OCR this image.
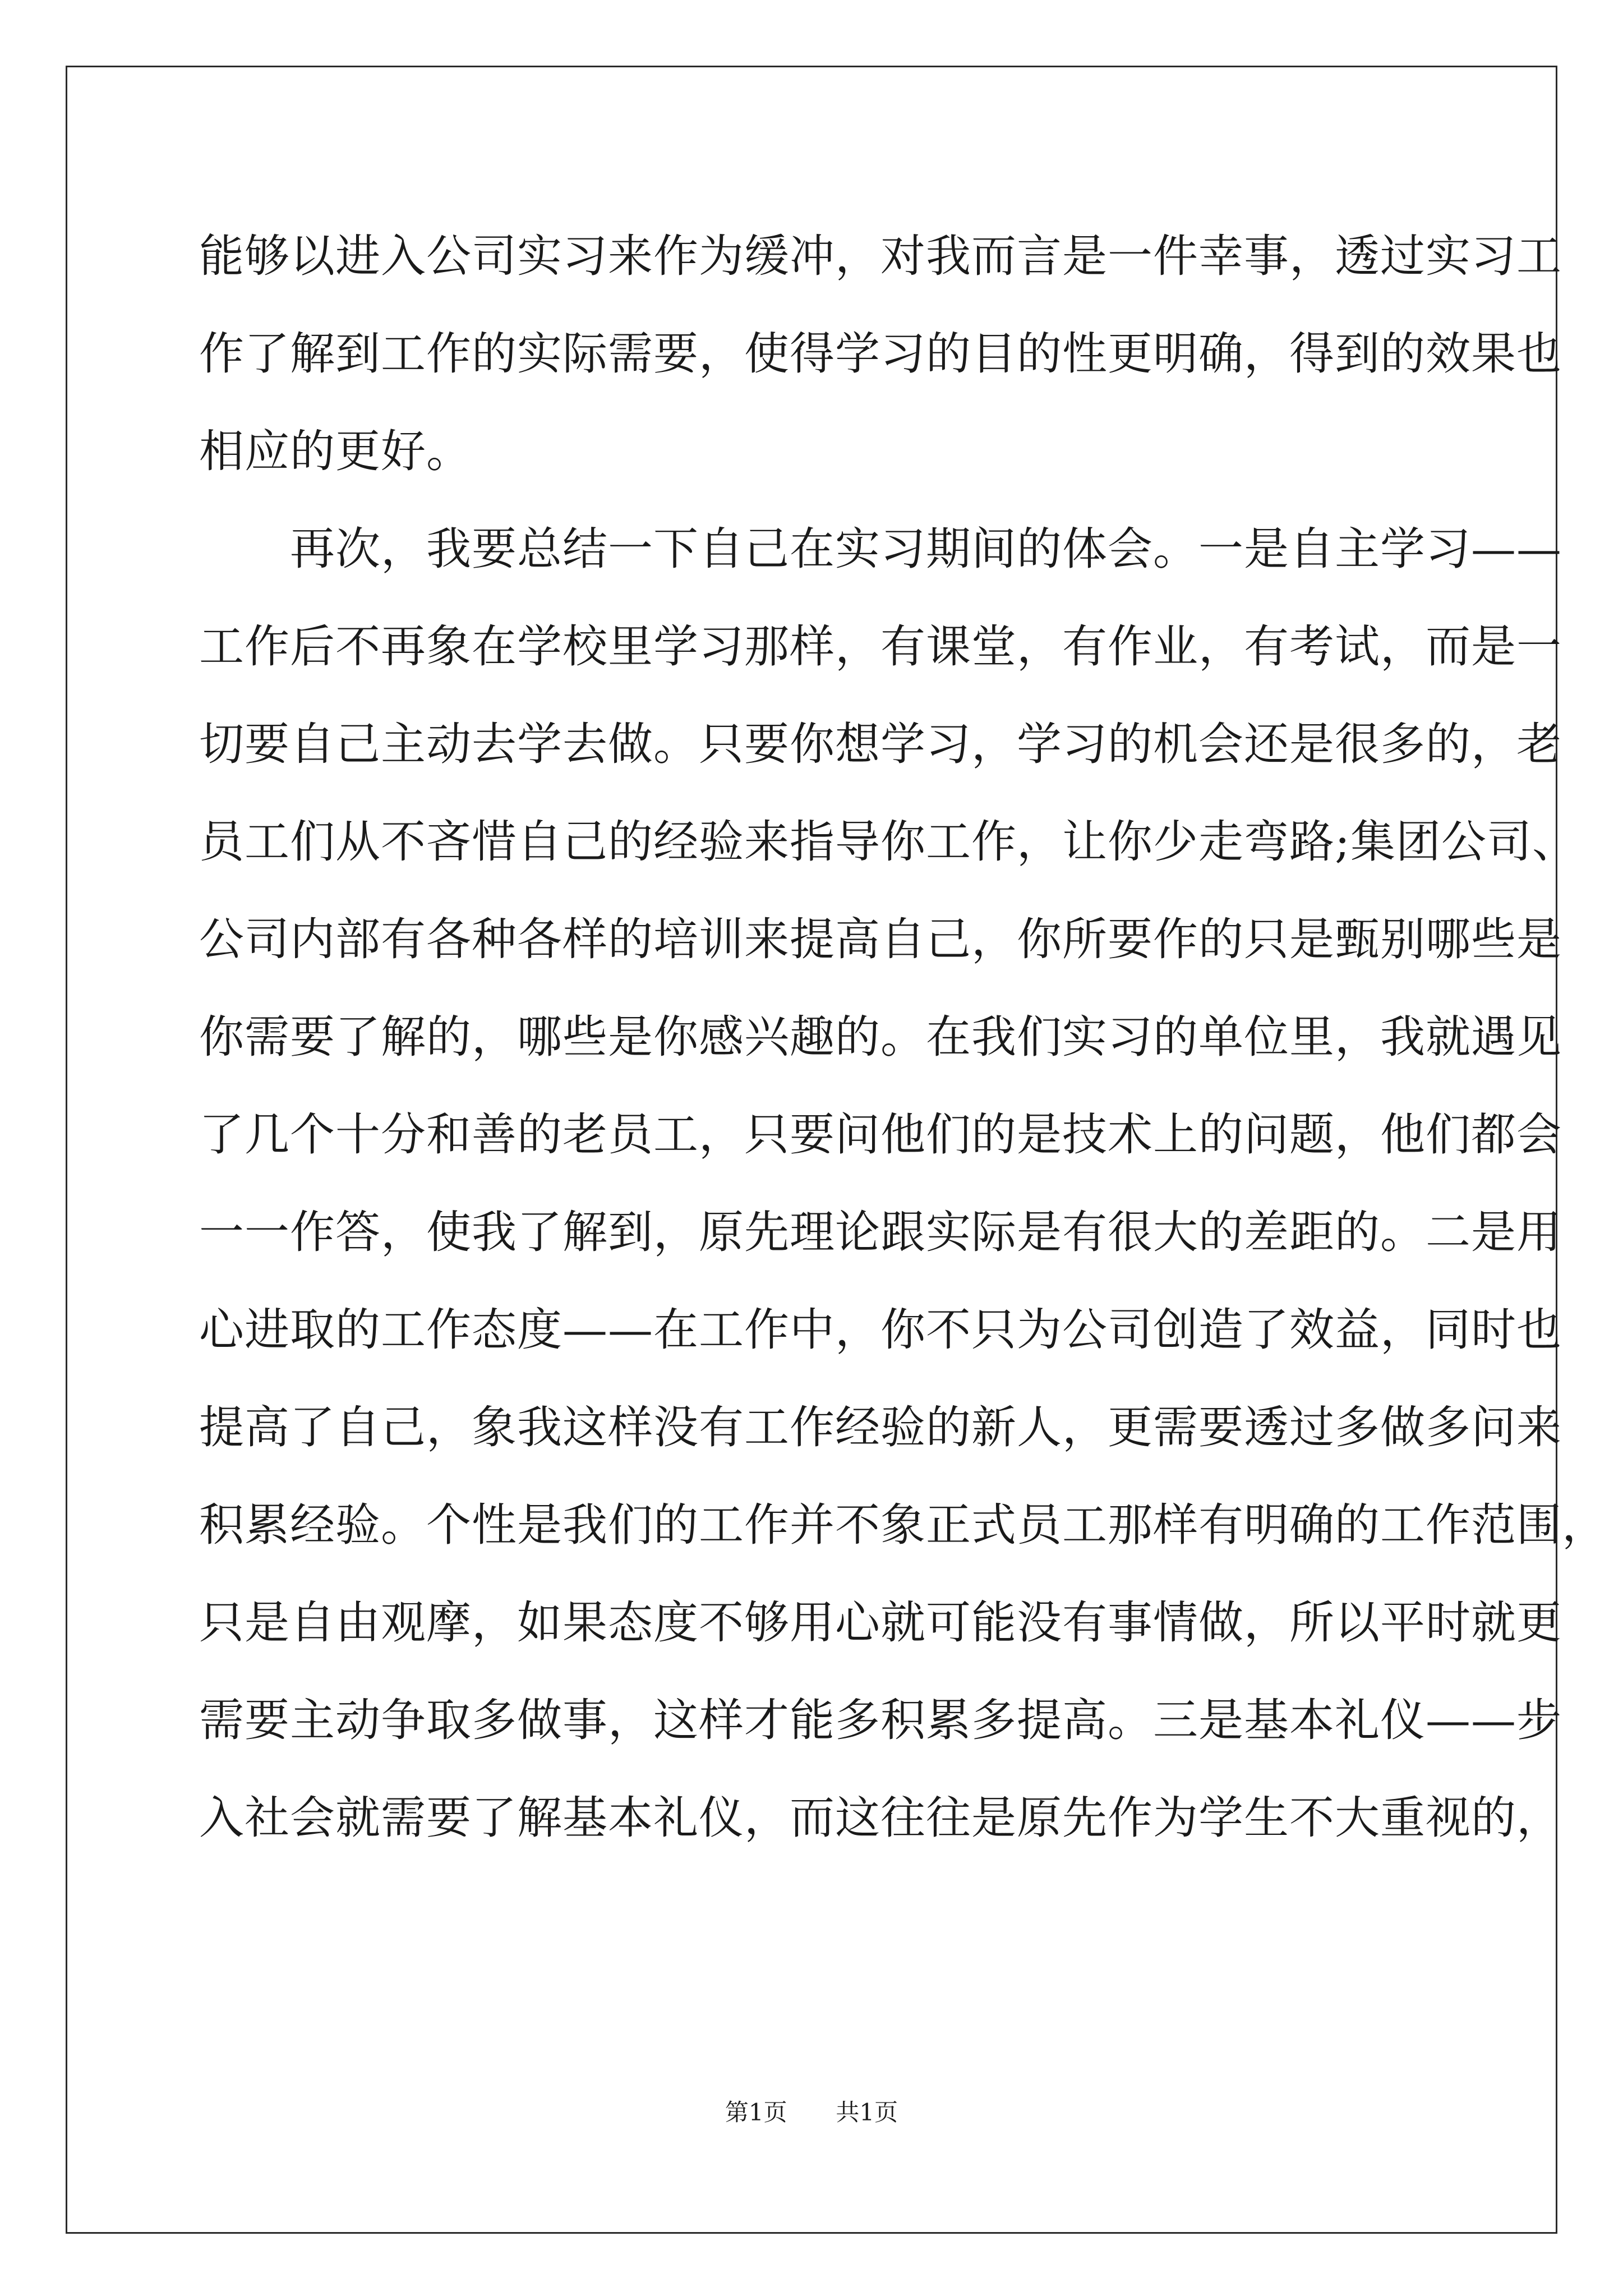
能够以进入公司实习来作为缓冲，对我而言是一件幸事，透过实习工
作了解到工作的实际需要，使得学习的目的性更明确，得到的效果也
相应的更好。
　　再次，我要总结一下自己在实习期间的体会。一是自主学习——
工作后不再象在学校里学习那样，有课堂，有作业，有考试，而是一
切要自己主动去学去做。只要你想学习，学习的机会还是很多的，老
员工们从不吝惜自己的经验来指导你工作，让你少走弯路;集团公司、
公司内部有各种各样的培训来提高自己，你所要作的只是甄别哪些是
你需要了解的，哪些是你感兴趣的。在我们实习的单位里，我就遇见
了几个十分和善的老员工，只要问他们的是技术上的问题，他们都会
一一作答，使我了解到，原先理论跟实际是有很大的差距的。二是用
心进取的工作态度——在工作中，你不只为公司创造了效益，同时也
提高了自己，象我这样没有工作经验的新人，更需要透过多做多问来
积累经验。个性是我们的工作并不象正式员工那样有明确的工作范围，
只是自由观摩，如果态度不够用心就可能没有事情做，所以平时就更
需要主动争取多做事，这样才能多积累多提高。三是基本礼仪——步
入社会就需要了解基本礼仪，而这往往是原先作为学生不大重视的，
第1页 共1页
